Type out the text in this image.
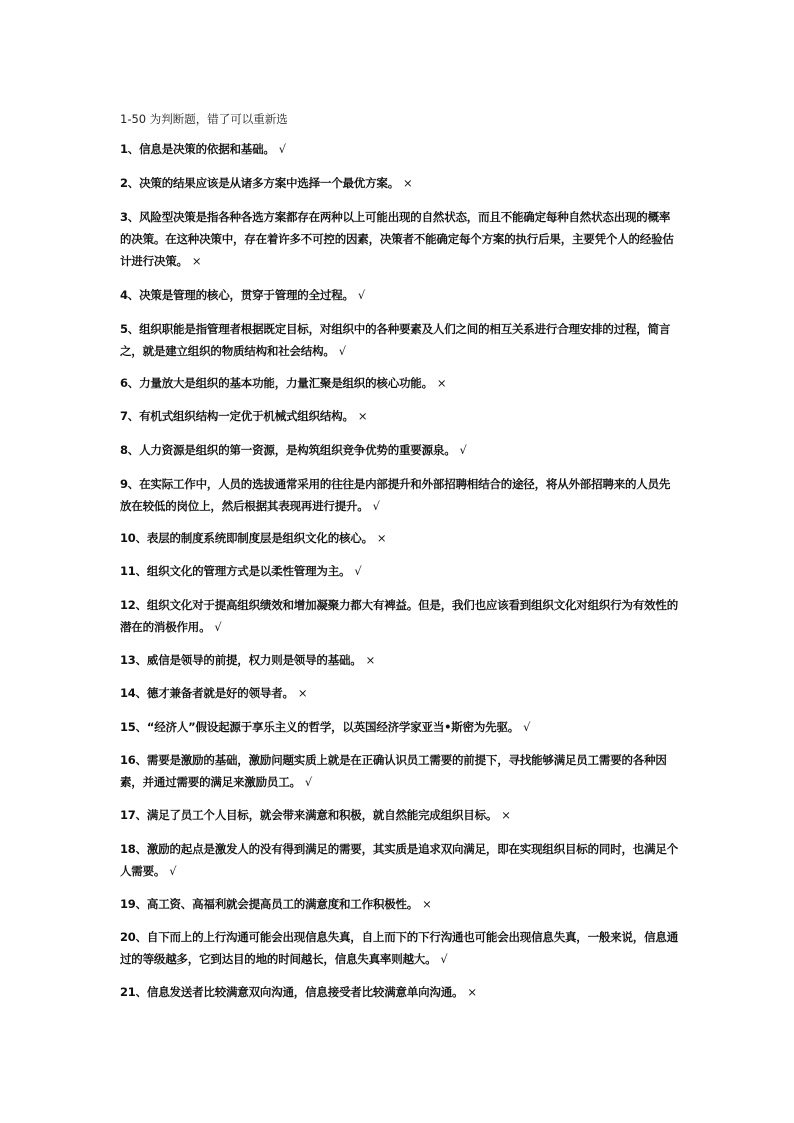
1-50 为判断题，错了可以重新选
1、信息是决策的依据和基础。 √
2、决策的结果应该是从诸多方案中选择一个最优方案。 ×
3、风险型决策是指各种各选方案都存在两种以上可能出现的自然状态，而且不能确定每种自然状态出现的概率的决策。在这种决策中，存在着许多不可控的因素，决策者不能确定每个方案的执行后果，主要凭个人的经验估计进行决策。 ×
4、决策是管理的核心，贯穿于管理的全过程。 √
5、组织职能是指管理者根据既定目标，对组织中的各种要素及人们之间的相互关系进行合理安排的过程，简言之，就是建立组织的物质结构和社会结构。 √
6、力量放大是组织的基本功能，力量汇聚是组织的核心功能。 ×
7、有机式组织结构一定优于机械式组织结构。 ×
8、人力资源是组织的第一资源，是构筑组织竞争优势的重要源泉。 √
9、在实际工作中，人员的选拔通常采用的往往是内部提升和外部招聘相结合的途径，将从外部招聘来的人员先放在较低的岗位上，然后根据其表现再进行提升。 √
10、表层的制度系统即制度层是组织文化的核心。 ×
11、组织文化的管理方式是以柔性管理为主。 √
12、组织文化对于提高组织绩效和增加凝聚力都大有裨益。但是，我们也应该看到组织文化对组织行为有效性的潜在的消极作用。 √
13、威信是领导的前提，权力则是领导的基础。 ×
14、德才兼备者就是好的领导者。 ×
15、“经济人”假设起源于享乐主义的哲学，以英国经济学家亚当•斯密为先驱。 √
16、需要是激励的基础，激励问题实质上就是在正确认识员工需要的前提下，寻找能够满足员工需要的各种因素，并通过需要的满足来激励员工。 √
17、满足了员工个人目标，就会带来满意和积极，就自然能完成组织目标。 ×
18、激励的起点是激发人的没有得到满足的需要，其实质是追求双向满足，即在实现组织目标的同时，也满足个人需要。 √
19、高工资、高福利就会提高员工的满意度和工作积极性。 ×
20、自下而上的上行沟通可能会出现信息失真，自上而下的下行沟通也可能会出现信息失真，一般来说，信息通过的等级越多，它到达目的地的时间越长，信息失真率则越大。 √
21、信息发送者比较满意双向沟通，信息接受者比较满意单向沟通。 ×
